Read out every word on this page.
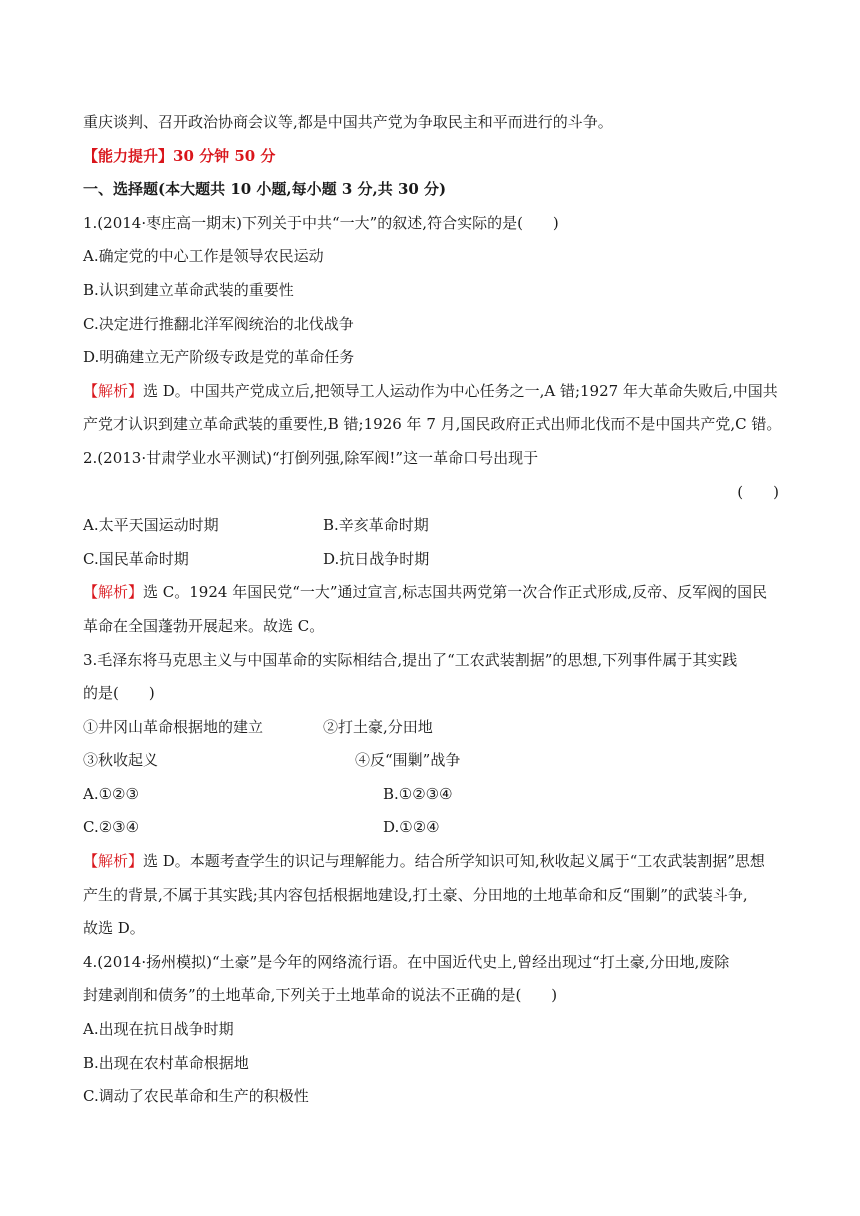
重庆谈判、召开政治协商会议等,都是中国共产党为争取民主和平而进行的斗争。
【能力提升】30 分钟 50 分
一、选择题(本大题共 10 小题,每小题 3 分,共 30 分)
1.(2014·枣庄高一期末)下列关于中共“一大”的叙述,符合实际的是(　　)
A.确定党的中心工作是领导农民运动
B.认识到建立革命武装的重要性
C.决定进行推翻北洋军阀统治的北伐战争
D.明确建立无产阶级专政是党的革命任务
【解析】选 D。中国共产党成立后,把领导工人运动作为中心任务之一,A 错;1927 年大革命失败后,中国共
产党才认识到建立革命武装的重要性,B 错;1926 年 7 月,国民政府正式出师北伐而不是中国共产党,C 错。
2.(2013·甘肃学业水平测试)“打倒列强,除军阀!”这一革命口号出现于
(　　)
A.太平天国运动时期	B.辛亥革命时期
C.国民革命时期	D.抗日战争时期
【解析】选 C。1924 年国民党“一大”通过宣言,标志国共两党第一次合作正式形成,反帝、反军阀的国民
革命在全国蓬勃开展起来。故选 C。
3.毛泽东将马克思主义与中国革命的实际相结合,提出了“工农武装割据”的思想,下列事件属于其实践
的是(　　)
①井冈山革命根据地的建立	②打土豪,分田地
③秋收起义	④反“围剿”战争
A.①②③	B.①②③④
C.②③④	D.①②④
【解析】选 D。本题考查学生的识记与理解能力。结合所学知识可知,秋收起义属于“工农武装割据”思想
产生的背景,不属于其实践;其内容包括根据地建设,打土豪、分田地的土地革命和反“围剿”的武装斗争,
故选 D。
4.(2014·扬州模拟)“土豪”是今年的网络流行语。在中国近代史上,曾经出现过“打土豪,分田地,废除
封建剥削和债务”的土地革命,下列关于土地革命的说法不正确的是(　　)
A.出现在抗日战争时期
B.出现在农村革命根据地
C.调动了农民革命和生产的积极性
